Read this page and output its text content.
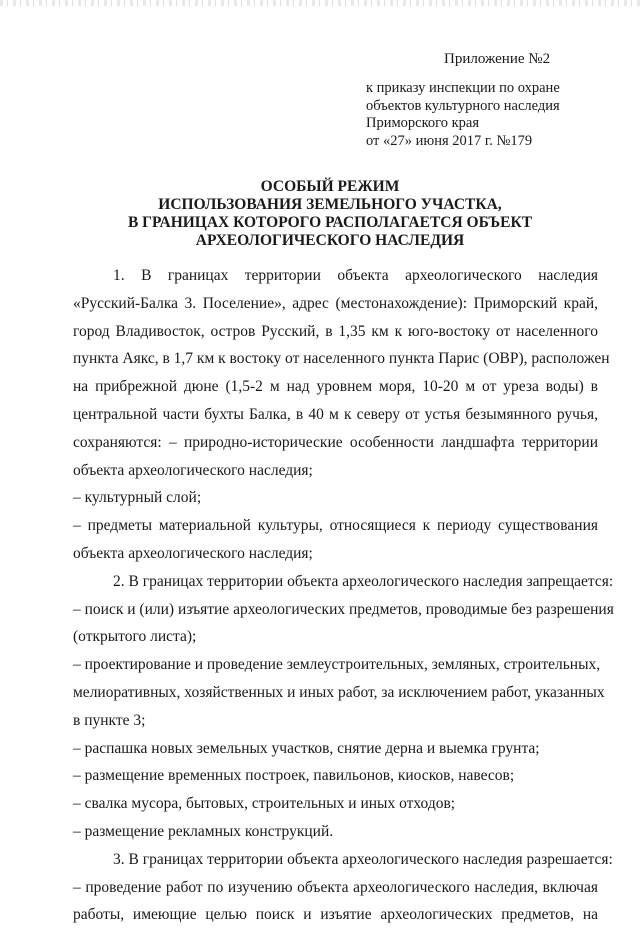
Приложение №2
к приказу инспекции по охране
объектов культурного наследия
Приморского края
от «27» июня 2017 г. №179
ОСОБЫЙ РЕЖИМ
ИСПОЛЬЗОВАНИЯ ЗЕМЕЛЬНОГО УЧАСТКА,
В ГРАНИЦАХ КОТОРОГО РАСПОЛАГАЕТСЯ ОБЪЕКТ
АРХЕОЛОГИЧЕСКОГО НАСЛЕДИЯ
1. В границах территории объекта археологического наследия
«Русский-Балка 3. Поселение», адрес (местонахождение): Приморский край,
город Владивосток, остров Русский, в 1,35 км к юго-востоку от населенного
пункта Аякс, в 1,7 км к востоку от населенного пункта Парис (ОВР), расположен
на прибрежной дюне (1,5-2 м над уровнем моря, 10-20 м от уреза воды) в
центральной части бухты Балка, в 40 м к северу от устья безымянного ручья,
сохраняются: – природно-исторические особенности ландшафта территории
объекта археологического наследия;
– культурный слой;
– предметы материальной культуры, относящиеся к периоду существования
объекта археологического наследия;
2. В границах территории объекта археологического наследия запрещается:
– поиск и (или) изъятие археологических предметов, проводимые без разрешения
(открытого листа);
– проектирование и проведение землеустроительных, земляных, строительных,
мелиоративных, хозяйственных и иных работ, за исключением работ, указанных
в пункте 3;
– распашка новых земельных участков, снятие дерна и выемка грунта;
– размещение временных построек, павильонов, киосков, навесов;
– свалка мусора, бытовых, строительных и иных отходов;
– размещение рекламных конструкций.
3. В границах территории объекта археологического наследия разрешается:
– проведение работ по изучению объекта археологического наследия, включая
работы, имеющие целью поиск и изъятие археологических предметов, на
